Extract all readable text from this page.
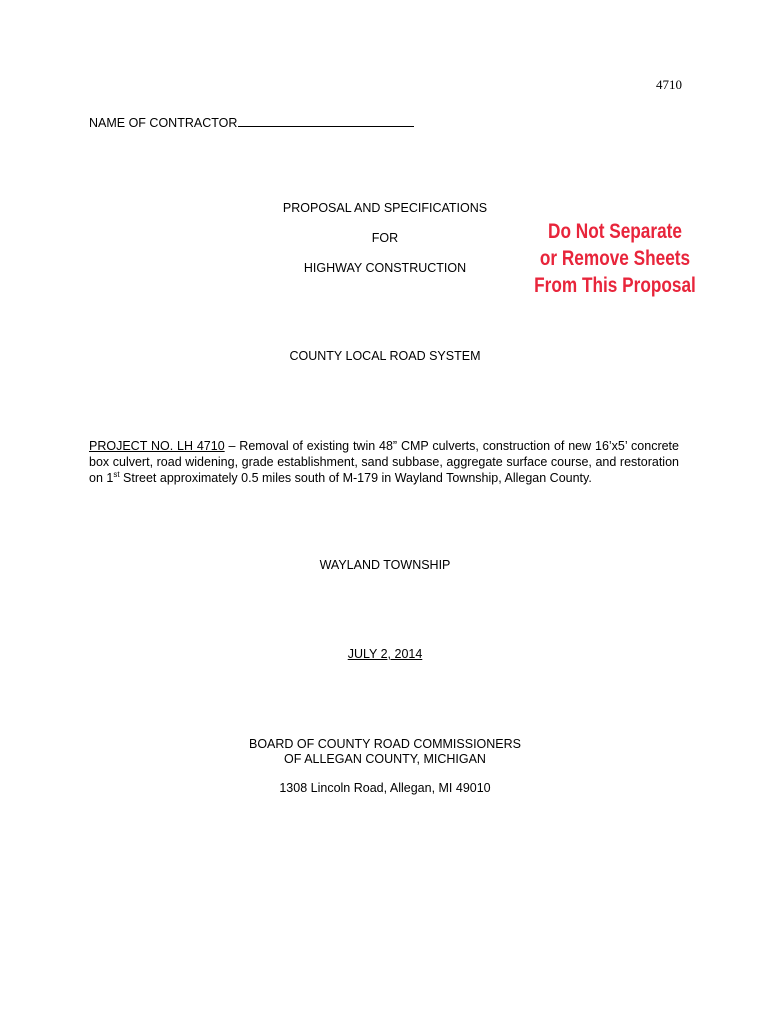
4710
NAME OF CONTRACTOR
PROPOSAL AND SPECIFICATIONS
FOR
HIGHWAY CONSTRUCTION
Do Not Separate
or Remove Sheets
From This Proposal
COUNTY LOCAL ROAD SYSTEM
PROJECT NO. LH 4710 – Removal of existing twin 48” CMP culverts, construction of new 16’x5’ concrete box culvert, road widening, grade establishment, sand subbase, aggregate surface course, and restoration on 1st Street approximately 0.5 miles south of M-179 in Wayland Township, Allegan County.
WAYLAND TOWNSHIP
JULY 2, 2014
BOARD OF COUNTY ROAD COMMISSIONERS
OF ALLEGAN COUNTY, MICHIGAN
1308 Lincoln Road, Allegan, MI 49010
